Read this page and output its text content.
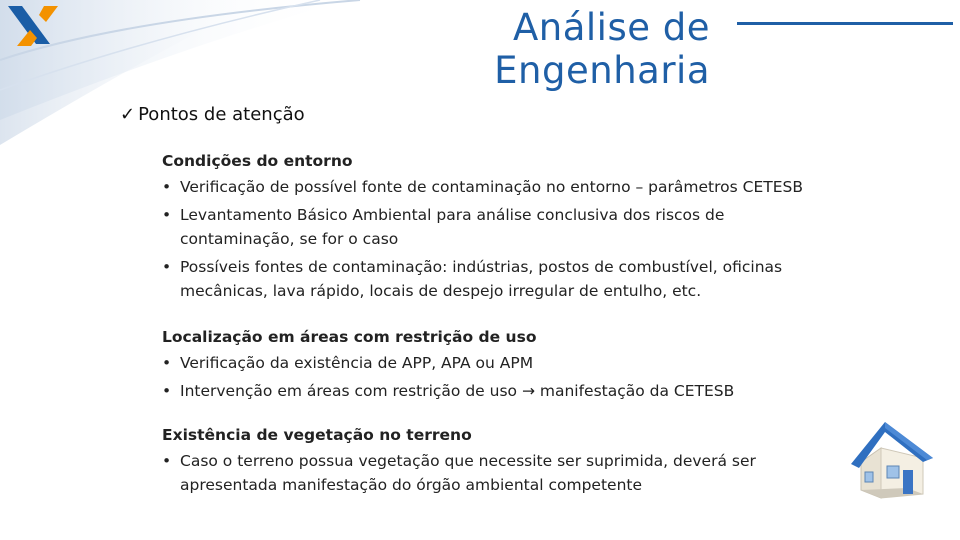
Análise de
Engenharia
✓ Pontos de atenção
Condições do entorno
• Verificação de possível fonte de contaminação no entorno – parâmetros CETESB
• Levantamento Básico Ambiental para análise conclusiva dos riscos de contaminação, se for o caso
• Possíveis fontes de contaminação: indústrias, postos de combustível, oficinas mecânicas, lava rápido, locais de despejo irregular de entulho, etc.
Localização em áreas com restrição de uso
• Verificação da existência de APP, APA ou APM
• Intervenção em áreas com restrição de uso → manifestação da CETESB
Existência de vegetação no terreno
• Caso o terreno possua vegetação que necessite ser suprimida, deverá ser apresentada manifestação do órgão ambiental competente
